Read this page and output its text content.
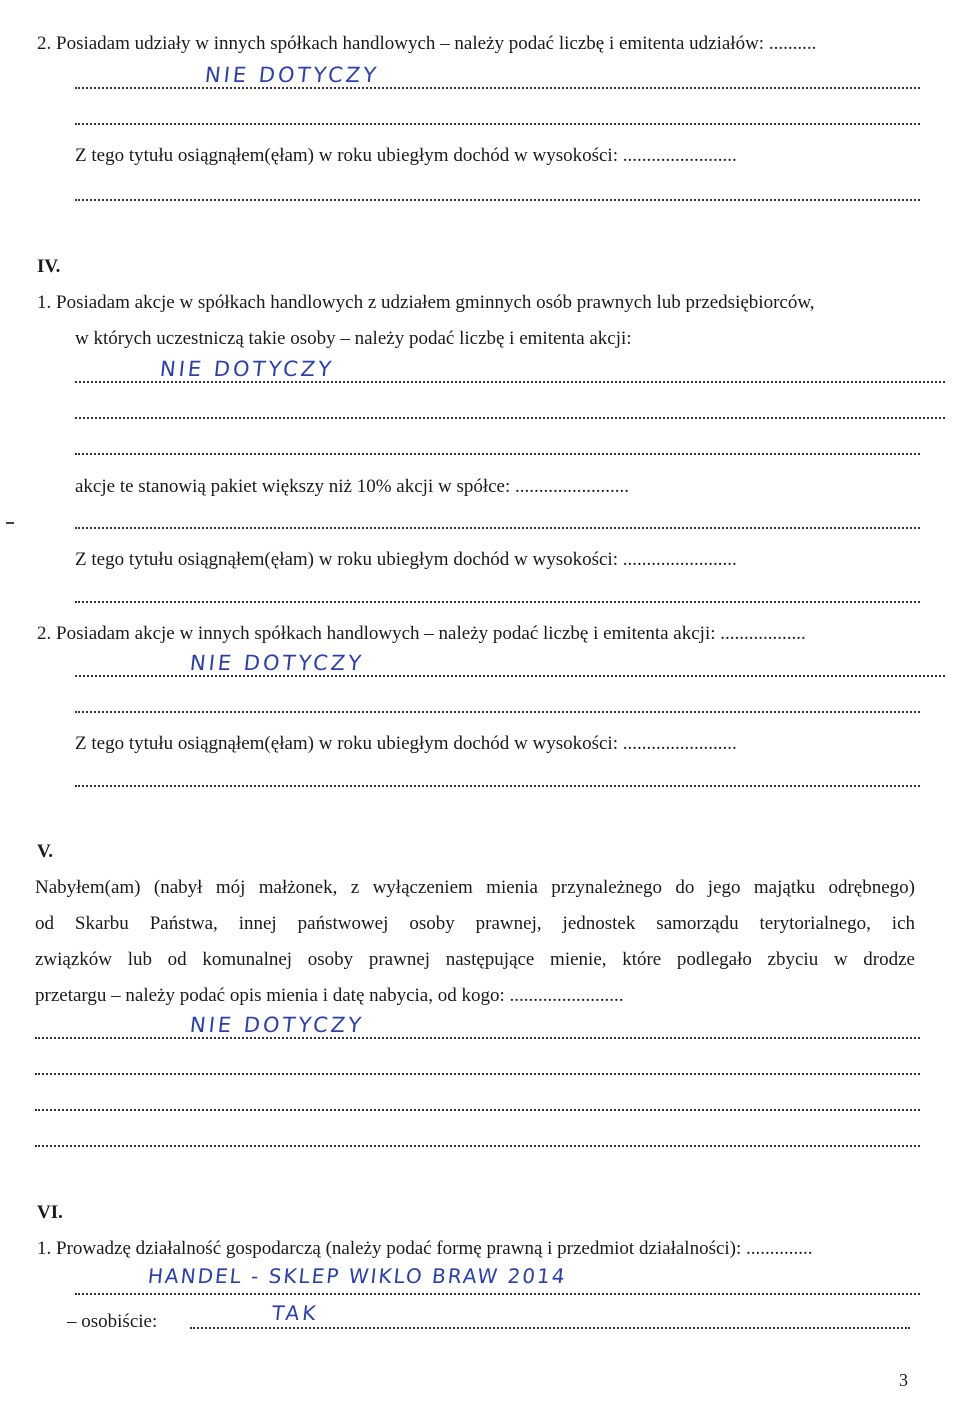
2. Posiadam udziały w innych spółkach handlowych – należy podać liczbę i emitenta udziałów: ..........
NIE DOTYCZY
Z tego tytułu osiągnąłem(ęłam) w roku ubiegłym dochód w wysokości: ........................
IV.
1. Posiadam akcje w spółkach handlowych z udziałem gminnych osób prawnych lub przedsiębiorców,
w których uczestniczą takie osoby – należy podać liczbę i emitenta akcji:
NIE DOTYCZY
akcje te stanowią pakiet większy niż 10% akcji w spółce: ........................
Z tego tytułu osiągnąłem(ęłam) w roku ubiegłym dochód w wysokości: ........................
2. Posiadam akcje w innych spółkach handlowych – należy podać liczbę i emitenta akcji: ..................
NIE DOTYCZY
Z tego tytułu osiągnąłem(ęłam) w roku ubiegłym dochód w wysokości: ........................
V.
Nabyłem(am) (nabył mój małżonek, z wyłączeniem mienia przynależnego do jego majątku odrębnego)
od Skarbu Państwa, innej państwowej osoby prawnej, jednostek samorządu terytorialnego, ich
związków lub od komunalnej osoby prawnej następujące mienie, które podlegało zbyciu w drodze
przetargu – należy podać opis mienia i datę nabycia, od kogo: ........................
NIE DOTYCZY
VI.
1. Prowadzę działalność gospodarczą (należy podać formę prawną i przedmiot działalności): ..............
HANDEL - SKLEP WIKLO BRAW 2014
– osobiście:	TAK
3
